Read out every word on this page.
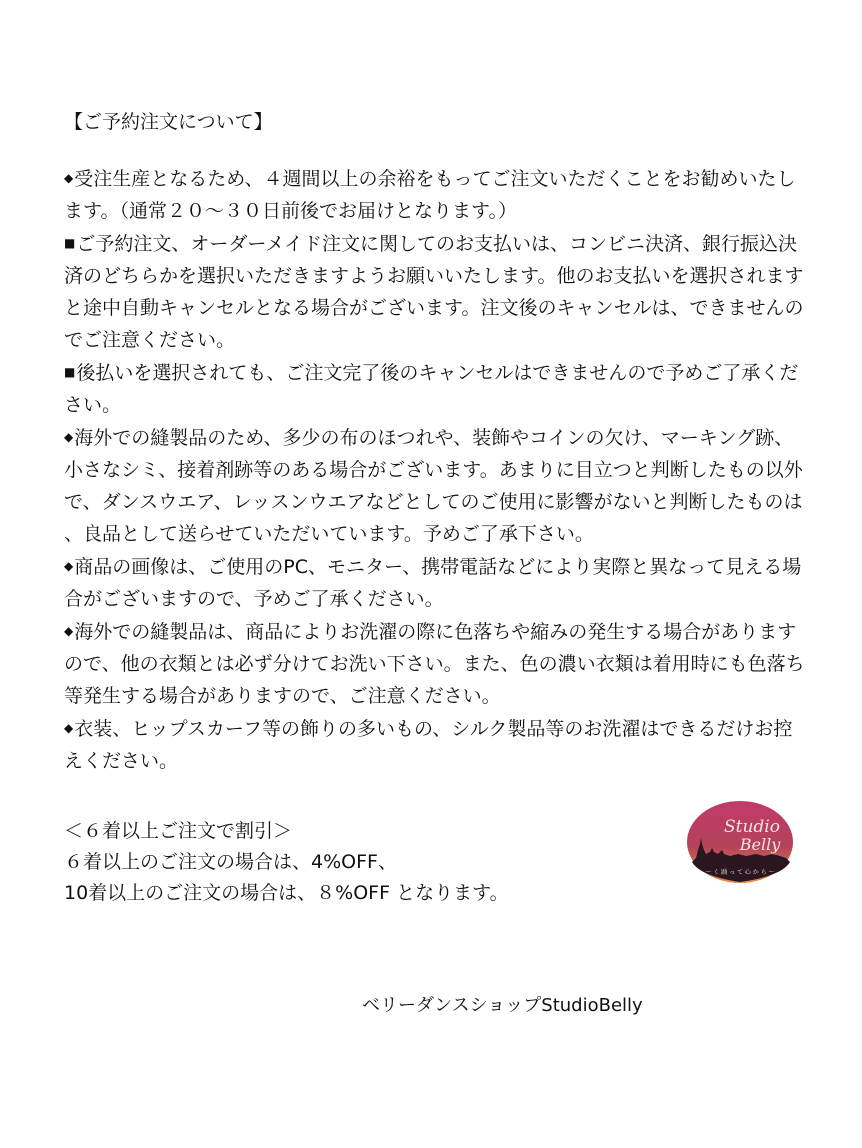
【ご予約注文について】

◆受注生産となるため、４週間以上の余裕をもってご注文いただくことをお勧めいたします。（通常２０〜３０日前後でお届けとなります。）

■ご予約注文、オーダーメイド注文に関してのお支払いは、コンビニ決済、銀行振込決済のどちらかを選択いただきますようお願いいたします。他のお支払いを選択されますと途中自動キャンセルとなる場合がございます。注文後のキャンセルは、できませんのでご注意ください。

■後払いを選択されても、ご注文完了後のキャンセルはできませんので予めご了承ください。

◆海外での縫製品のため、多少の布のほつれや、装飾やコインの欠け、マーキング跡、小さなシミ、接着剤跡等のある場合がございます。あまりに目立つと判断したもの以外で、ダンスウエア、レッスンウエアなどとしてのご使用に影響がないと判断したものは、良品として送らせていただいています。予めご了承下さい。

◆商品の画像は、ご使用のPC、モニター、携帯電話などにより実際と異なって見える場合がございますので、予めご了承ください。

◆海外での縫製品は、商品によりお洗濯の際に色落ちや縮みの発生する場合がありますので、他の衣類とは必ず分けてお洗い下さい。また、色の濃い衣類は着用時にも色落ち等発生する場合がありますので、ご注意ください。

◆衣装、ヒップスカーフ等の飾りの多いもの、シルク製品等のお洗濯はできるだけお控えください。

＜６着以上ご注文で割引＞
６着以上のご注文の場合は、4%OFF、
10着以上のご注文の場合は、８%OFF となります。
Studio
Belly
〜 く 踊 っ て 心 か ら 〜
ベリーダンスショップStudioBelly
